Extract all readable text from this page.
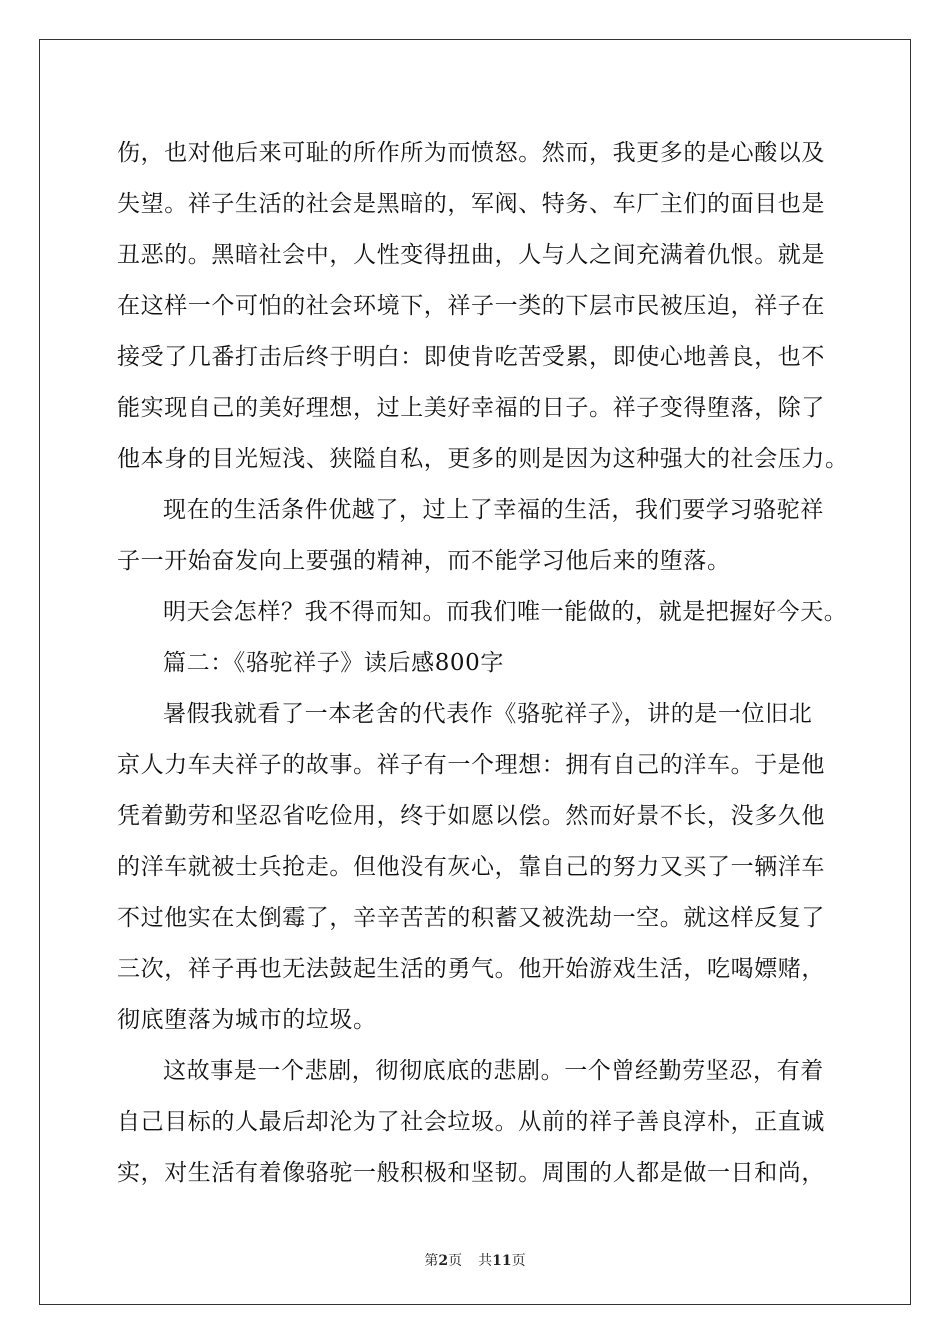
伤，也对他后来可耻的所作所为而愤怒。然而，我更多的是心酸以及
失望。祥子生活的社会是黑暗的，军阀、特务、车厂主们的面目也是
丑恶的。黑暗社会中，人性变得扭曲，人与人之间充满着仇恨。就是
在这样一个可怕的社会环境下，祥子一类的下层市民被压迫，祥子在
接受了几番打击后终于明白：即使肯吃苦受累，即使心地善良，也不
能实现自己的美好理想，过上美好幸福的日子。祥子变得堕落，除了
他本身的目光短浅、狭隘自私，更多的则是因为这种强大的社会压力。
现在的生活条件优越了，过上了幸福的生活，我们要学习骆驼祥
子一开始奋发向上要强的精神，而不能学习他后来的堕落。
明天会怎样？我不得而知。而我们唯一能做的，就是把握好今天。
篇二：《骆驼祥子》读后感800字
暑假我就看了一本老舍的代表作《骆驼祥子》，讲的是一位旧北
京人力车夫祥子的故事。祥子有一个理想：拥有自己的洋车。于是他
凭着勤劳和坚忍省吃俭用，终于如愿以偿。然而好景不长，没多久他
的洋车就被士兵抢走。但他没有灰心，靠自己的努力又买了一辆洋车
不过他实在太倒霉了，辛辛苦苦的积蓄又被洗劫一空。就这样反复了
三次，祥子再也无法鼓起生活的勇气。他开始游戏生活，吃喝嫖赌，
彻底堕落为城市的垃圾。
这故事是一个悲剧，彻彻底底的悲剧。一个曾经勤劳坚忍，有着
自己目标的人最后却沦为了社会垃圾。从前的祥子善良淳朴，正直诚
实，对生活有着像骆驼一般积极和坚韧。周围的人都是做一日和尚，
第2页 共11页
